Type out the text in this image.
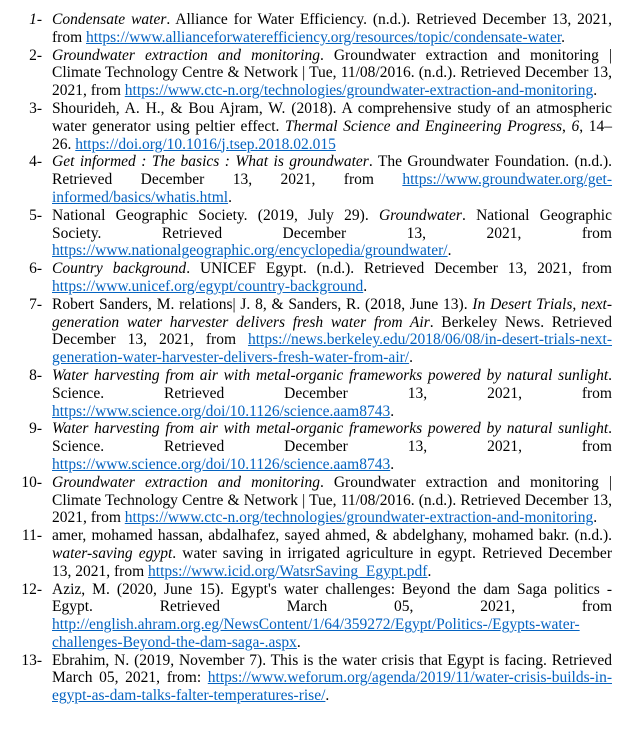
1- Condensate water. Alliance for Water Efficiency. (n.d.). Retrieved December 13, 2021, from https://www.allianceforwaterefficiency.org/resources/topic/condensate-water.
2- Groundwater extraction and monitoring. Groundwater extraction and monitoring | Climate Technology Centre & Network | Tue, 11/08/2016. (n.d.). Retrieved December 13, 2021, from https://www.ctc-n.org/technologies/groundwater-extraction-and-monitoring.
3- Shourideh, A. H., & Bou Ajram, W. (2018). A comprehensive study of an atmospheric water generator using peltier effect. Thermal Science and Engineering Progress, 6, 14–26. https://doi.org/10.1016/j.tsep.2018.02.015
4- Get informed : The basics : What is groundwater. The Groundwater Foundation. (n.d.). Retrieved December 13, 2021, from https://www.groundwater.org/get-informed/basics/whatis.html.
5- National Geographic Society. (2019, July 29). Groundwater. National Geographic Society. Retrieved December 13, 2021, from https://www.nationalgeographic.org/encyclopedia/groundwater/.
6- Country background. UNICEF Egypt. (n.d.). Retrieved December 13, 2021, from https://www.unicef.org/egypt/country-background.
7- Robert Sanders, M. relations| J. 8, & Sanders, R. (2018, June 13). In Desert Trials, next-generation water harvester delivers fresh water from Air. Berkeley News. Retrieved December 13, 2021, from https://news.berkeley.edu/2018/06/08/in-desert-trials-next-generation-water-harvester-delivers-fresh-water-from-air/.
8- Water harvesting from air with metal-organic frameworks powered by natural sunlight. Science. Retrieved December 13, 2021, from https://www.science.org/doi/10.1126/science.aam8743.
9- Water harvesting from air with metal-organic frameworks powered by natural sunlight. Science. Retrieved December 13, 2021, from https://www.science.org/doi/10.1126/science.aam8743.
10- Groundwater extraction and monitoring. Groundwater extraction and monitoring | Climate Technology Centre & Network | Tue, 11/08/2016. (n.d.). Retrieved December 13, 2021, from https://www.ctc-n.org/technologies/groundwater-extraction-and-monitoring.
11- amer, mohamed hassan, abdalhafez, sayed ahmed, & abdelghany, mohamed bakr. (n.d.). water-saving egypt. water saving in irrigated agriculture in egypt. Retrieved December 13, 2021, from https://www.icid.org/WatsrSaving_Egypt.pdf.
12- Aziz, M. (2020, June 15). Egypt's water challenges: Beyond the dam Saga politics - Egypt. Retrieved March 05, 2021, from http://english.ahram.org.eg/NewsContent/1/64/359272/Egypt/Politics-/Egypts-water-challenges-Beyond-the-dam-saga-.aspx.
13- Ebrahim, N. (2019, November 7). This is the water crisis that Egypt is facing. Retrieved March 05, 2021, from: https://www.weforum.org/agenda/2019/11/water-crisis-builds-in-egypt-as-dam-talks-falter-temperatures-rise/.
